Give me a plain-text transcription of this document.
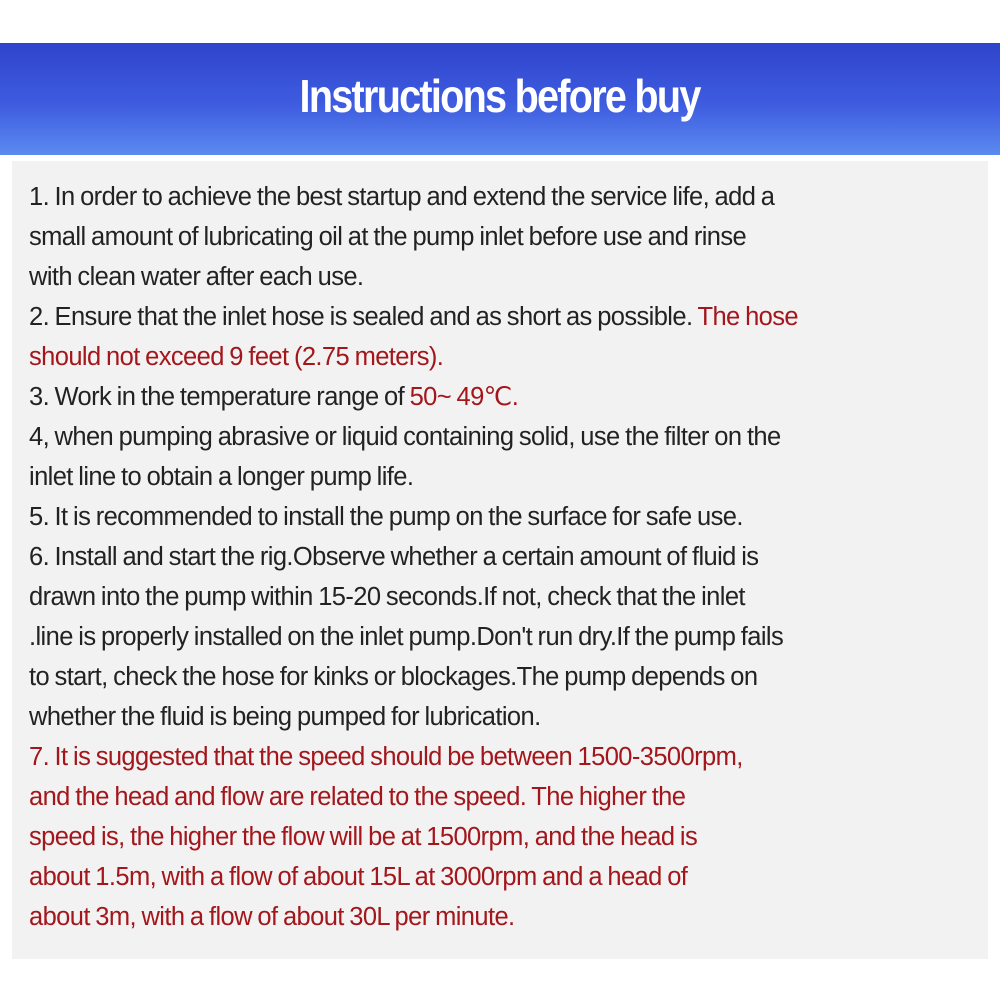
Instructions before buy
1. In order to achieve the best startup and extend the service life, add a
small amount of lubricating oil at the pump inlet before use and rinse
with clean water after each use.
2. Ensure that the inlet hose is sealed and as short as possible. The hose
should not exceed 9 feet (2.75 meters).
3. Work in the temperature range of 50~ 49℃.
4, when pumping abrasive or liquid containing solid, use the filter on the
inlet line to obtain a longer pump life.
5. It is recommended to install the pump on the surface for safe use.
6. Install and start the rig.Observe whether a certain amount of fluid is
drawn into the pump within 15-20 seconds.If not, check that the inlet
.line is properly installed on the inlet pump.Don't run dry.If the pump fails
to start, check the hose for kinks or blockages.The pump depends on
whether the fluid is being pumped for lubrication.
7. It is suggested that the speed should be between 1500-3500rpm,
and the head and flow are related to the speed. The higher the
speed is, the higher the flow will be at 1500rpm, and the head is
about 1.5m, with a flow of about 15L at 3000rpm and a head of
about 3m, with a flow of about 30L per minute.
